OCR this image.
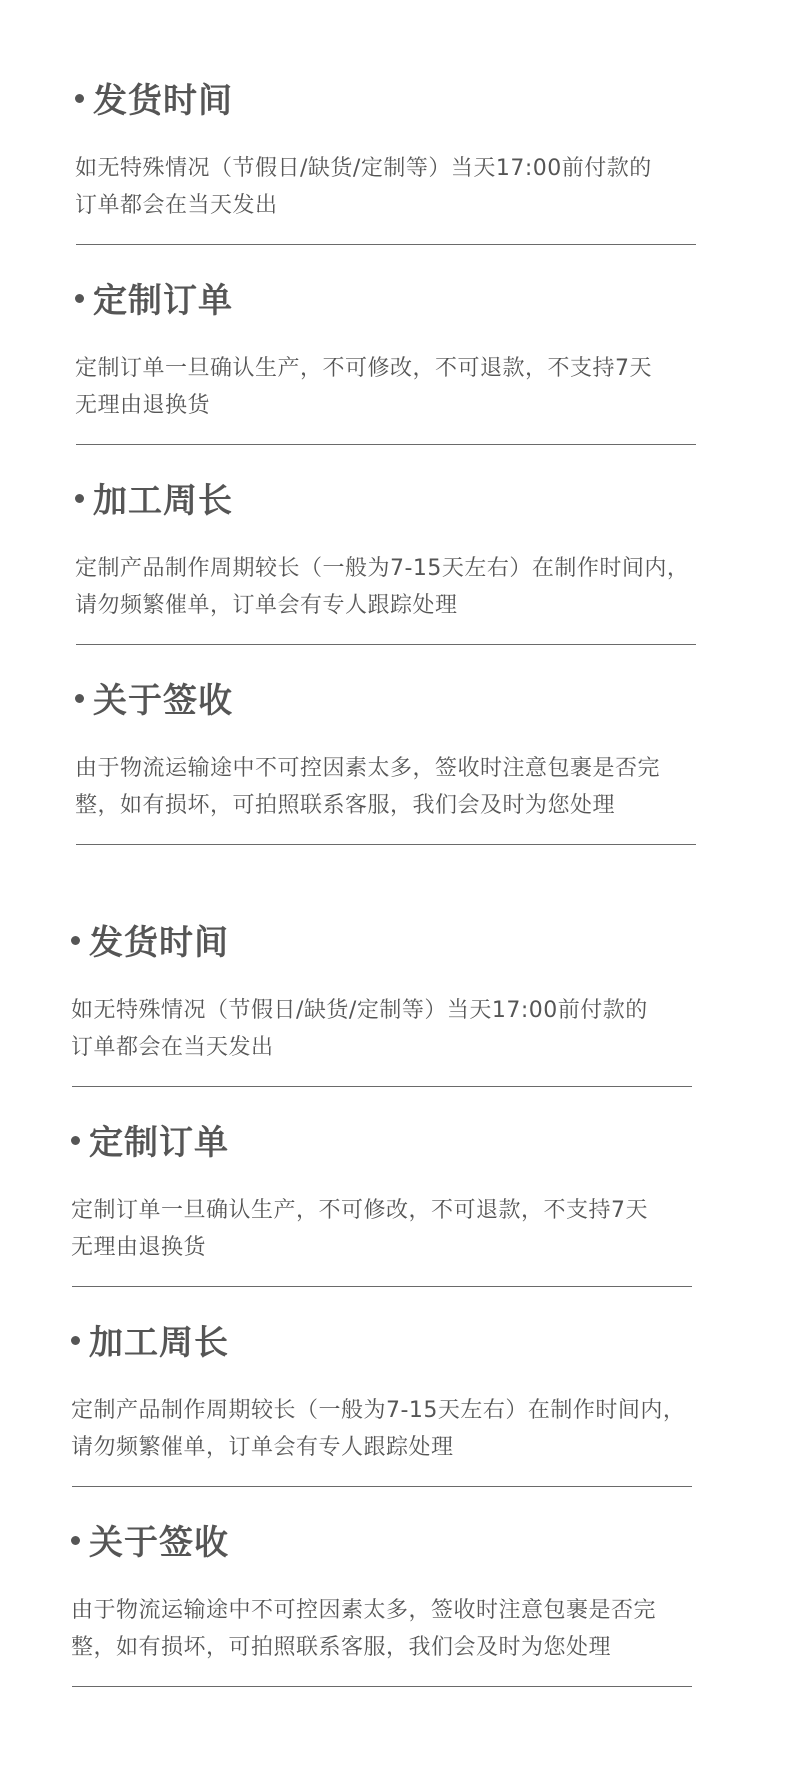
发货时间
如无特殊情况（节假日/缺货/定制等）当天17:00前付款的
订单都会在当天发出
定制订单
定制订单一旦确认生产，不可修改，不可退款，不支持7天
无理由退换货
加工周长
定制产品制作周期较长（一般为7-15天左右）在制作时间内，
请勿频繁催单，订单会有专人跟踪处理
关于签收
由于物流运输途中不可控因素太多，签收时注意包裹是否完
整，如有损坏，可拍照联系客服，我们会及时为您处理
发货时间
如无特殊情况（节假日/缺货/定制等）当天17:00前付款的
订单都会在当天发出
定制订单
定制订单一旦确认生产，不可修改，不可退款，不支持7天
无理由退换货
加工周长
定制产品制作周期较长（一般为7-15天左右）在制作时间内，
请勿频繁催单，订单会有专人跟踪处理
关于签收
由于物流运输途中不可控因素太多，签收时注意包裹是否完
整，如有损坏，可拍照联系客服，我们会及时为您处理
